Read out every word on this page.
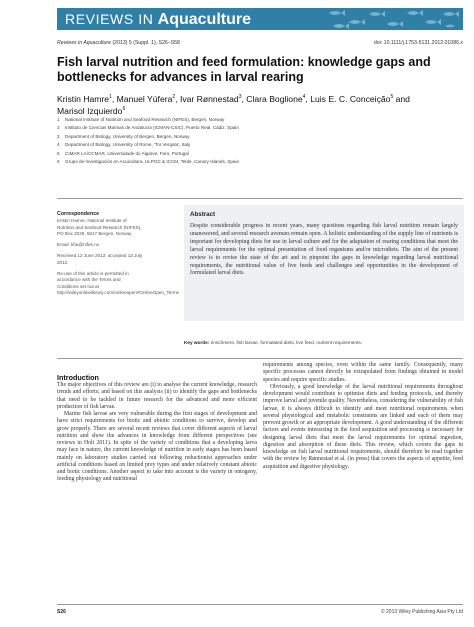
REVIEWS IN Aquaculture
Reviews in Aquaculture (2013) 5 (Suppl. 1), S26–S58	doi: 10.1111/j.1753-5131.2012.01086.x
Fish larval nutrition and feed formulation: knowledge gaps and bottlenecks for advances in larval rearing
Kristin Hamre$^1$, Manuel Yúfera$^2$, Ivar Rønnestad$^3$, Clara Boglione$^4$, Luis E. C. Conceição$^5$ and Marisol Izquierdo$^6$
1 National Institute of Nutrition and Seafood Research (NIFES), Bergen, Norway
2 Instituto de Ciencias Marinas de Andalucía (ICMAN-CSIC), Puerto Real, Cádiz, Spain
3 Department of Biology, University of Bergen, Bergen, Norway
4 Department of Biology, University of Rome, 'Tor Vergata', Italy
5 CIMAR LA/CCMAR, Universidade do Algarve, Faro, Portugal
6 Grupo de Investigación en Acuicultura, ULPGC & ICCM, Telde, Canary Islands, Spain
Correspondence

Kristin Hamre, National Institute of Nutrition and Seafood Research (NIFES), PO Box 2029, 5817 Bergen, Norway.

Email: kha@nifes.no

Received 12 June 2012; accepted 13 July 2012.

Re-use of this article is permitted in accordance with the Terms and Conditions set out at http://wileyonlinelibrary.com/onlineopen#OnlineOpen_Terms

Abstract

Despite considerable progress in recent years, many questions regarding fish larval nutrition remain largely unanswered, and several research avenues remain open. A holistic understanding of the supply line of nutrients is important for developing diets for use in larval culture and for the adaptation of rearing conditions that meet the larval requirements for the optimal presentation of food organisms and/or microdiets. The aim of the present review is to revise the state of the art and to pinpoint the gaps in knowledge regarding larval nutritional requirements, the nutritional value of live feeds and challenges and opportunities in the development of formulated larval diets.

Key words: enrichment, fish larvae, formulated diets, live feed, nutrient requirements.
Introduction

The major objectives of this review are (i) to analyse the current knowledge, research trends and efforts; and based on this analysis (ii) to identify the gaps and bottlenecks that need to be tackled in future research for the advanced and more efficient production of fish larvae.

Marine fish larvae are very vulnerable during the first stages of development and have strict requirements for biotic and abiotic conditions to survive, develop and grow properly. There are several recent reviews that cover different aspects of larval nutrition and show the advances in knowledge from different perspectives (see reviews in Holt 2011). In spite of the variety of conditions that a developing larva may face in nature, the current knowledge of nutrition in early stages has been based mainly on laboratory studies carried out following reductionist approaches under artificial conditions based on limited prey types and under relatively constant abiotic and biotic conditions. Another aspect to take into account is the variety in ontogeny, feeding physiology and nutritional

requirements among species, even within the same family. Consequently, many specific processes cannot directly be extrapolated from findings obtained in model species and require specific studies.

Obviously, a good knowledge of the larval nutritional requirements throughout development would contribute to optimise diets and feeding protocols, and thereby improve larval and juvenile quality. Nevertheless, considering the vulnerability of fish larvae, it is always difficult to identify and meet nutritional requirements when several physiological and metabolic constraints are linked and each of them may prevent growth or an appropriate development. A good understanding of the different factors and events interacting in the food acquisition and processing is necessary for designing larval diets that meet the larval requirements for optimal ingestion, digestion and absorption of these diets. This review, which covers the gaps in knowledge on fish larval nutritional requirements, should therefore be read together with the review by Rønnestad et al. (in press) that covers the aspects of appetite, feed acquisition and digestive physiology.

S26	© 2013 Wiley Publishing Asia Pty Ltd
